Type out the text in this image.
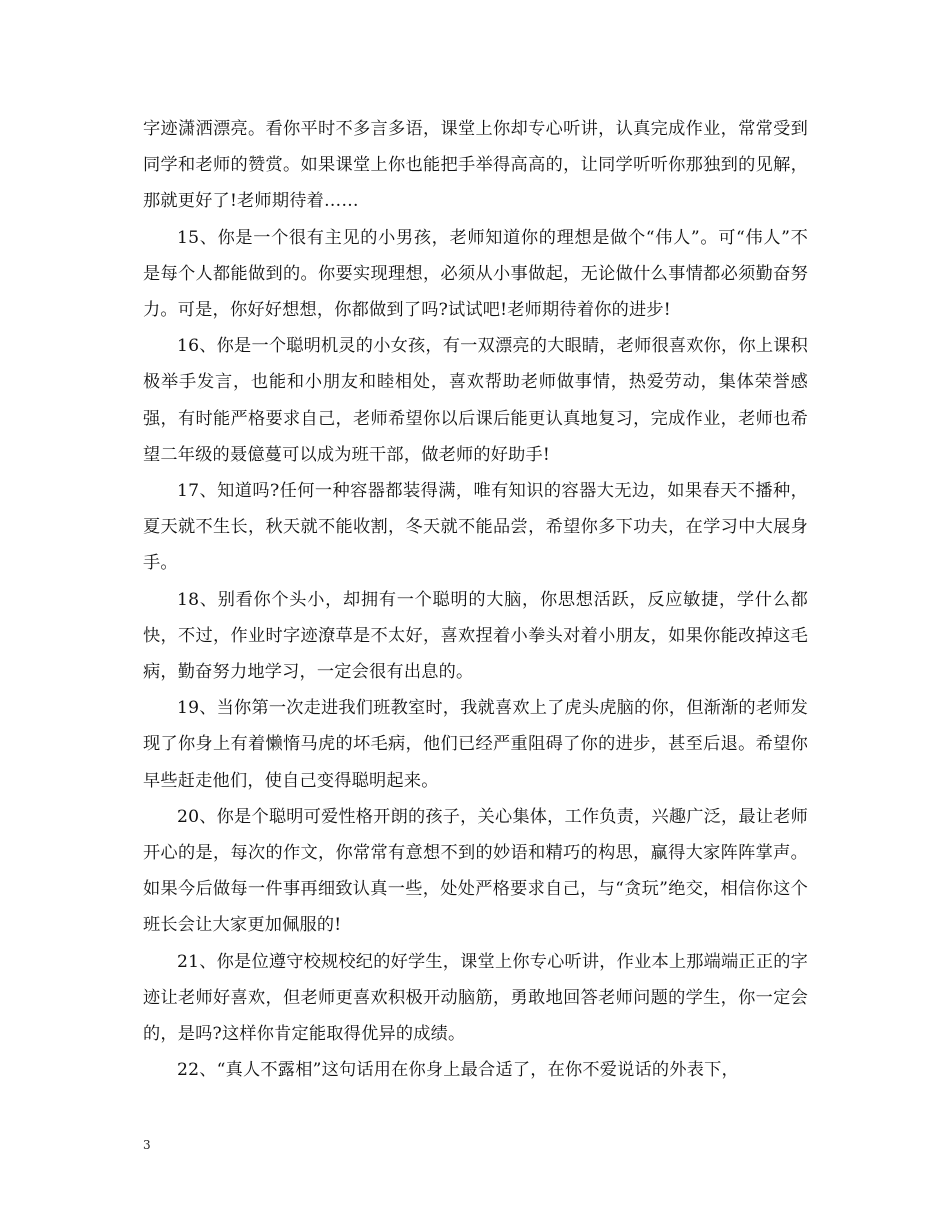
字迹潇洒漂亮。看你平时不多言多语，课堂上你却专心听讲，认真完成作业，常常受到同学和老师的赞赏。如果课堂上你也能把手举得高高的，让同学听听你那独到的见解，那就更好了!老师期待着……

15、你是一个很有主见的小男孩，老师知道你的理想是做个“伟人”。可“伟人”不是每个人都能做到的。你要实现理想，必须从小事做起，无论做什么事情都必须勤奋努力。可是，你好好想想，你都做到了吗?试试吧!老师期待着你的进步!

16、你是一个聪明机灵的小女孩，有一双漂亮的大眼睛，老师很喜欢你，你上课积极举手发言，也能和小朋友和睦相处，喜欢帮助老师做事情，热爱劳动，集体荣誉感强，有时能严格要求自己，老师希望你以后课后能更认真地复习，完成作业，老师也希望二年级的聂億蔓可以成为班干部，做老师的好助手!

17、知道吗?任何一种容器都装得满，唯有知识的容器大无边，如果春天不播种，夏天就不生长，秋天就不能收割，冬天就不能品尝，希望你多下功夫，在学习中大展身手。

18、别看你个头小，却拥有一个聪明的大脑，你思想活跃，反应敏捷，学什么都快，不过，作业时字迹潦草是不太好，喜欢捏着小拳头对着小朋友，如果你能改掉这毛病，勤奋努力地学习，一定会很有出息的。

19、当你第一次走进我们班教室时，我就喜欢上了虎头虎脑的你，但渐渐的老师发现了你身上有着懒惰马虎的坏毛病，他们已经严重阻碍了你的进步，甚至后退。希望你早些赶走他们，使自己变得聪明起来。

20、你是个聪明可爱性格开朗的孩子，关心集体，工作负责，兴趣广泛，最让老师开心的是，每次的作文，你常常有意想不到的妙语和精巧的构思，赢得大家阵阵掌声。如果今后做每一件事再细致认真一些，处处严格要求自己，与“贪玩”绝交，相信你这个班长会让大家更加佩服的!

21、你是位遵守校规校纪的好学生，课堂上你专心听讲，作业本上那端端正正的字迹让老师好喜欢，但老师更喜欢积极开动脑筋，勇敢地回答老师问题的学生，你一定会的，是吗?这样你肯定能取得优异的成绩。

22、“真人不露相”这句话用在你身上最合适了，在你不爱说话的外表下，

3
